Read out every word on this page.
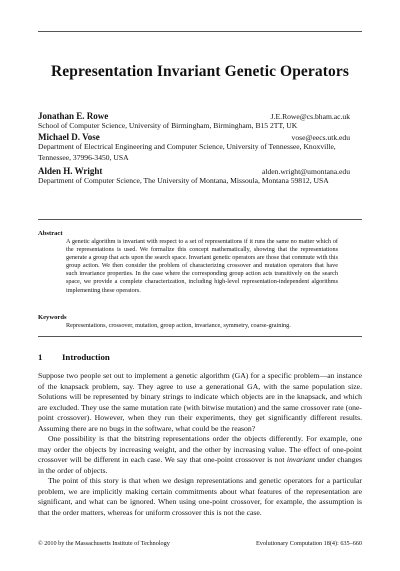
Representation Invariant Genetic Operators
Jonathan E. Rowe	J.E.Rowe@cs.bham.ac.uk
School of Computer Science, University of Birmingham, Birmingham, B15 2TT, UK
Michael D. Vose	vose@eecs.utk.edu
Department of Electrical Engineering and Computer Science, University of Tennessee, Knoxville, Tennessee, 37996-3450, USA
Alden H. Wright	alden.wright@umontana.edu
Department of Computer Science, The University of Montana, Missoula, Montana 59812, USA
Abstract

A genetic algorithm is invariant with respect to a set of representations if it runs the same no matter which of the representations is used. We formalize this concept mathematically, showing that the representations generate a group that acts upon the search space. Invariant genetic operators are those that commute with this group action. We then consider the problem of characterizing crossover and mutation operators that have such invariance properties. In the case where the corresponding group action acts transitively on the search space, we provide a complete characterization, including high-level representation-independent algorithms implementing these operators.

Keywords

Representations, crossover, mutation, group action, invariance, symmetry, coarse-graining.

1 Introduction

Suppose two people set out to implement a genetic algorithm (GA) for a specific problem—an instance of the knapsack problem, say. They agree to use a generational GA, with the same population size. Solutions will be represented by binary strings to indicate which objects are in the knapsack, and which are excluded. They use the same mutation rate (with bitwise mutation) and the same crossover rate (one-point crossover). However, when they run their experiments, they get significantly different results. Assuming there are no bugs in the software, what could be the reason?

One possibility is that the bitstring representations order the objects differently. For example, one may order the objects by increasing weight, and the other by increasing value. The effect of one-point crossover will be different in each case. We say that one-point crossover is not invariant under changes in the order of objects.

The point of this story is that when we design representations and genetic operators for a particular problem, we are implicitly making certain commitments about what features of the representation are significant, and what can be ignored. When using one-point crossover, for example, the assumption is that the order matters, whereas for uniform crossover this is not the case.

© 2010 by the Massachusetts Institute of Technology	Evolutionary Computation 18(4): 635–660
